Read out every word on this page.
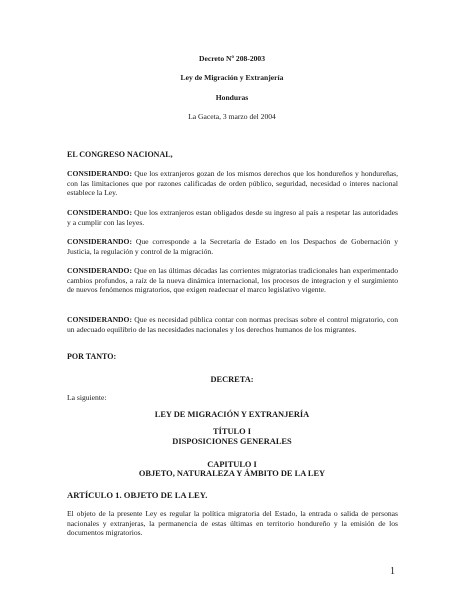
Decreto Nº 208-2003
Ley de Migración y Extranjería
Honduras
La Gaceta, 3 marzo del 2004
EL CONGRESO NACIONAL,
CONSIDERANDO: Que los extranjeros gozan de los mismos derechos que los hondureños y hondureñas, con las limitaciones que por razones calificadas de orden público, seguridad, necesidad o interes nacional establece la Ley.
CONSIDERANDO: Que los extranjeros estan obligados desde su ingreso al país a respetar las autoridades y a cumplir con las leyes.
CONSIDERANDO: Que corresponde a la Secretaría de Estado en los Despachos de Gobernación y Justicia, la regulación y control de la migración.
CONSIDERANDO: Que en las últimas décadas las corrientes migratorias tradicionales han experimentado cambios profundos, a raíz de la nueva dinámica internacional, los procesos de integracion y el surgimiento de nuevos fenómenos migratorios, que exigen readecuar el marco legislativo vigente.
CONSIDERANDO: Que es necesidad pública contar con normas precisas sobre el control migratorio, con un adecuado equilibrio de las necesidades nacionales y los derechos humanos de los migrantes.
POR TANTO:
DECRETA:
La siguiente:
LEY DE MIGRACIÓN Y EXTRANJERÍA
TÍTULO I
DISPOSICIONES GENERALES
CAPITULO I
OBJETO, NATURALEZA Y ÁMBITO DE LA LEY
ARTÍCULO 1. OBJETO DE LA LEY.
El objeto de la presente Ley es regular la política migratoria del Estado, la entrada o salida de personas nacionales y extranjeras, la permanencia de estas últimas en territorio hondureño y la emisión de los documentos migratorios.
1
